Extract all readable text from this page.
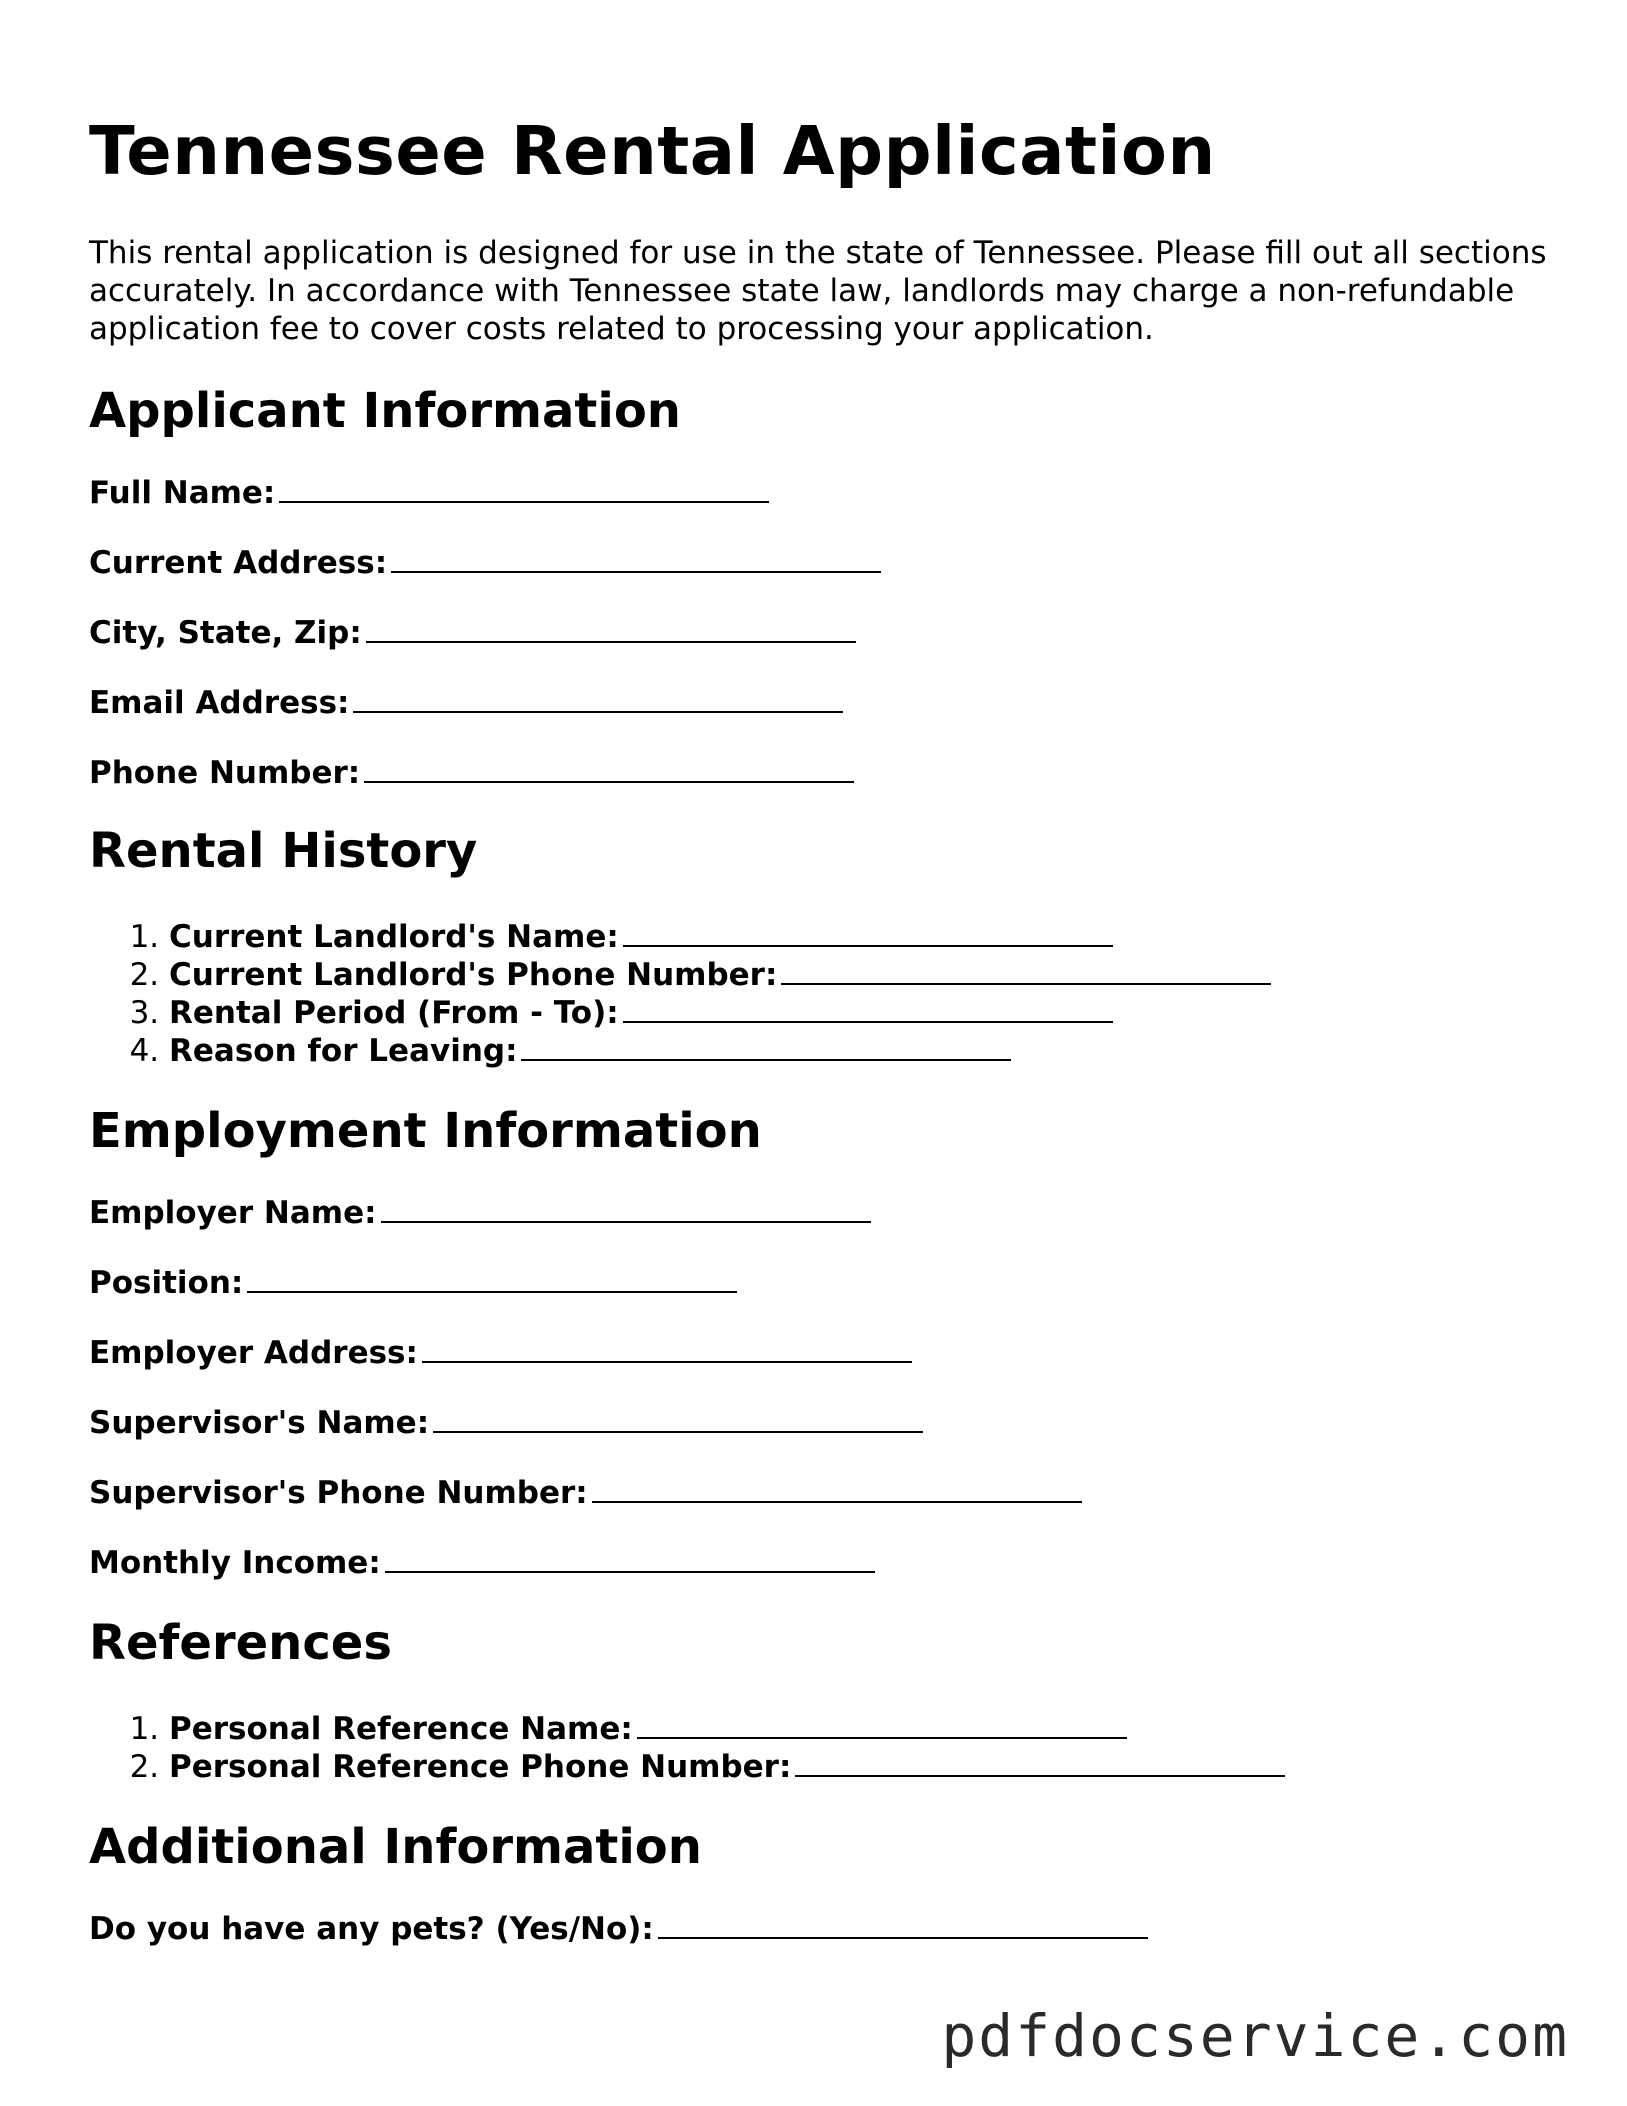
Tennessee Rental Application

This rental application is designed for use in the state of Tennessee. Please fill out all sections accurately. In accordance with Tennessee state law, landlords may charge a non-refundable application fee to cover costs related to processing your application.

Applicant Information

Full Name:

Current Address:

City, State, Zip:

Email Address:

Phone Number:

Rental History
1. Current Landlord's Name:
2. Current Landlord's Phone Number:
3. Rental Period (From - To):
4. Reason for Leaving:
Employment Information

Employer Name:

Position:

Employer Address:

Supervisor's Name:

Supervisor's Phone Number:

Monthly Income:

References
1. Personal Reference Name:
2. Personal Reference Phone Number:
Additional Information

Do you have any pets? (Yes/No):

pdfdocservice.com
